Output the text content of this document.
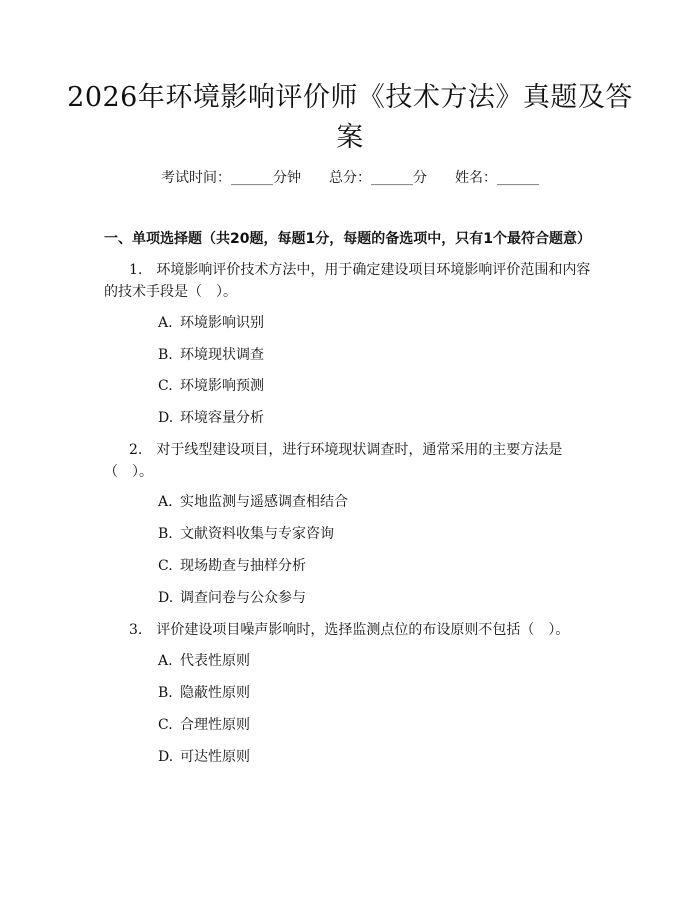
2026年环境影响评价师《技术方法》真题及答案
考试时间：______分钟 总分：______分 姓名：______
一、单项选择题（共20题，每题1分，每题的备选项中，只有1个最符合题意）
1.　环境影响评价技术方法中，用于确定建设项目环境影响评价范围和内容的技术手段是（　）。
A. 环境影响识别
B. 环境现状调查
C. 环境影响预测
D. 环境容量分析
2.　对于线型建设项目，进行环境现状调查时，通常采用的主要方法是（　）。
A. 实地监测与遥感调查相结合
B. 文献资料收集与专家咨询
C. 现场勘查与抽样分析
D. 调查问卷与公众参与
3.　评价建设项目噪声影响时，选择监测点位的布设原则不包括（　）。
A. 代表性原则
B. 隐蔽性原则
C. 合理性原则
D. 可达性原则
